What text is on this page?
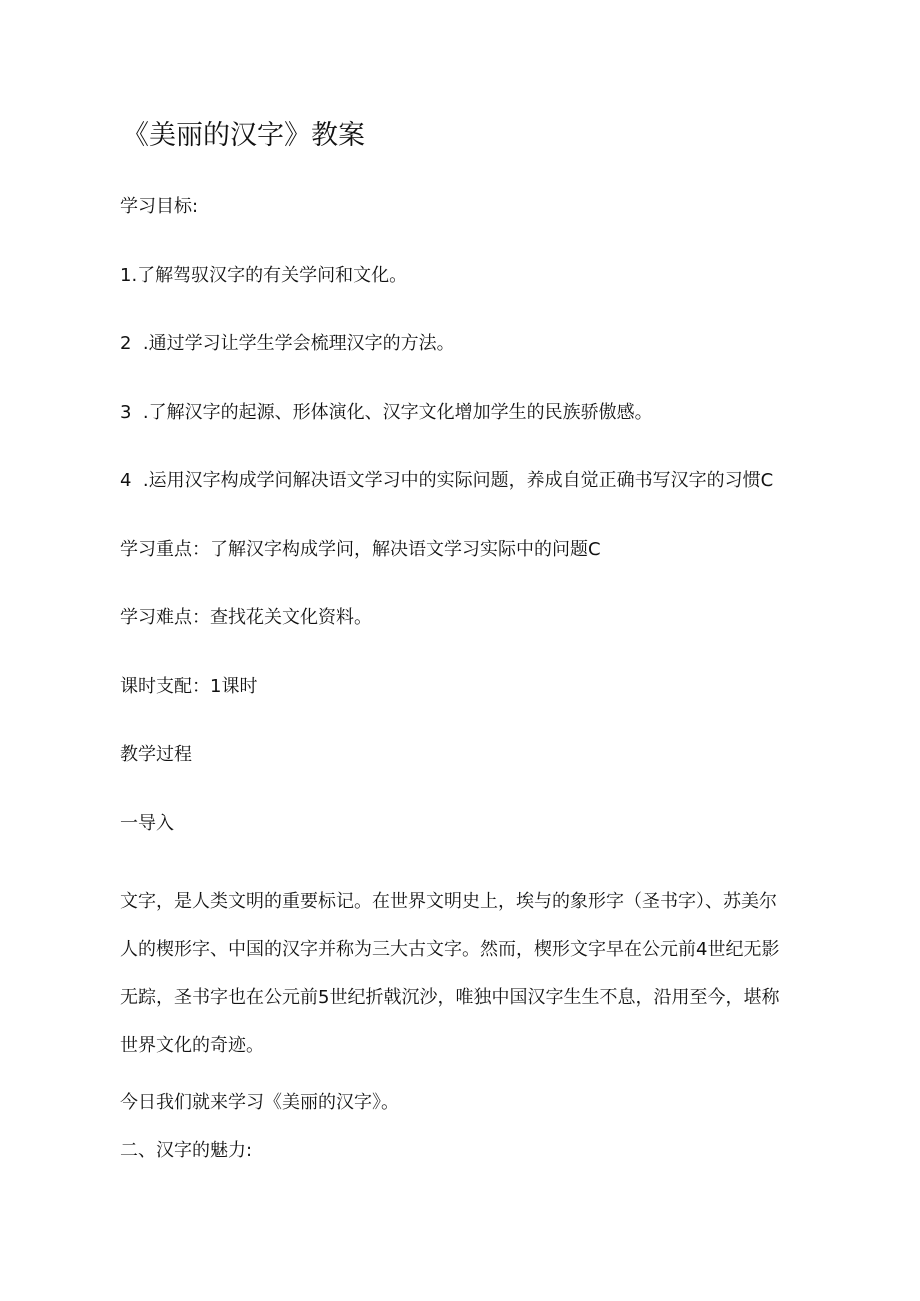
《美丽的汉字》教案
学习目标:
1.了解驾驭汉字的有关学问和文化。
2  .通过学习让学生学会梳理汉字的方法。
3  .了解汉字的起源、形体演化、汉字文化增加学生的民族骄傲感。
4  .运用汉字构成学问解决语文学习中的实际问题，养成自觉正确书写汉字的习惯C
学习重点：了解汉字构成学问，解决语文学习实际中的问题C
学习难点：查找花关文化资料。
课时支配：1课时
教学过程
一导入
文字，是人类文明的重要标记。在世界文明史上，埃与的象形字（圣书字）、苏美尔
人的楔形字、中国的汉字并称为三大古文字。然而，楔形文字早在公元前4世纪无影
无踪，圣书字也在公元前5世纪折戟沉沙，唯独中国汉字生生不息，沿用至今，堪称
世界文化的奇迹。
今日我们就来学习《美丽的汉字》。
二、汉字的魅力:
